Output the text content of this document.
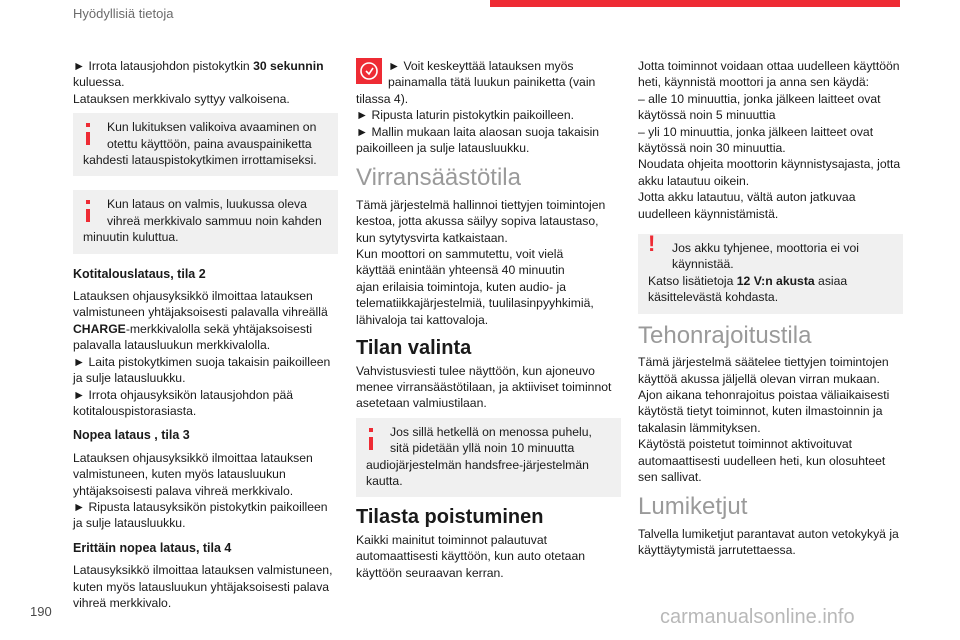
Hyödyllisiä tietoja

► Irrota latausjohdon pistokytkin 30 sekunnin
kuluessa.
Latauksen merkkivalo syttyy valkoisena.

Kun lukituksen valikoiva avaaminen on
otettu käyttöön, paina avauspainiketta
kahdesti latauspistokytkimen irrottamiseksi.
Kun lataus on valmis, luukussa oleva
vihreä merkkivalo sammuu noin kahden
minuutin kuluttua.
Kotitalouslataus, tila 2

Latauksen ohjausyksikkö ilmoittaa latauksen
valmistuneen yhtäjaksoisesti palavalla vihreällä
CHARGE-merkkivalolla sekä yhtäjaksoisesti
palavalla latausluukun merkkivalolla.
► Laita pistokytkimen suoja takaisin paikoilleen
ja sulje latausluukku.
► Irrota ohjausyksikön latausjohdon pää
kotitalouspistorasiasta.

Nopea lataus , tila 3

Latauksen ohjausyksikkö ilmoittaa latauksen
valmistuneen, kuten myös latausluukun
yhtäjaksoisesti palava vihreä merkkivalo.
► Ripusta latausyksikön pistokytkin paikoilleen
ja sulje latausluukku.

Erittäin nopea lataus, tila 4

Latausyksikkö ilmoittaa latauksen valmistuneen,
kuten myös latausluukun yhtäjaksoisesti palava
vihreä merkkivalo.

► Voit keskeyttää latauksen myös
painamalla tätä luukun painiketta (vain
tilassa 4).
► Ripusta laturin pistokytkin paikoilleen.
► Mallin mukaan laita alaosan suoja takaisin
paikoilleen ja sulje latausluukku.

Virransäästötila

Tämä järjestelmä hallinnoi tiettyjen toimintojen
kestoa, jotta akussa säilyy sopiva lataustaso,
kun sytytysvirta katkaistaan.
Kun moottori on sammutettu, voit vielä
käyttää enintään yhteensä 40 minuutin
ajan erilaisia toimintoja, kuten audio- ja
telematiikkajärjestelmiä, tuulilasinpyyhkimiä,
lähivaloja tai kattovaloja.

Tilan valinta

Vahvistusviesti tulee näyttöön, kun ajoneuvo
menee virransäästötilaan, ja aktiiviset toiminnot
asetetaan valmiustilaan.

Jos sillä hetkellä on menossa puhelu,
sitä pidetään yllä noin 10 minuutta
audiojärjestelmän handsfree-järjestelmän
kautta.
Tilasta poistuminen

Kaikki mainitut toiminnot palautuvat
automaattisesti käyttöön, kun auto otetaan
käyttöön seuraavan kerran.

Jotta toiminnot voidaan ottaa uudelleen käyttöön
heti, käynnistä moottori ja anna sen käydä:
– alle 10 minuuttia, jonka jälkeen laitteet ovat
käytössä noin 5 minuuttia
– yli 10 minuuttia, jonka jälkeen laitteet ovat
käytössä noin 30 minuuttia.
Noudata ohjeita moottorin käynnistysajasta, jotta
akku latautuu oikein.
Jotta akku latautuu, vältä auton jatkuvaa
uudelleen käynnistämistä.

!	Jos akku tyhjenee, moottoria ei voi
käynnistää.
Katso lisätietoja 12 V:n akusta asiaa
käsittelevästä kohdasta.
Tehonrajoitustila

Tämä järjestelmä säätelee tiettyjen toimintojen
käyttöä akussa jäljellä olevan virran mukaan.
Ajon aikana tehonrajoitus poistaa väliaikaisesti
käytöstä tietyt toiminnot, kuten ilmastoinnin ja
takalasin lämmityksen.
Käytöstä poistetut toiminnot aktivoituvat
automaattisesti uudelleen heti, kun olosuhteet
sen sallivat.

Lumiketjut

Talvella lumiketjut parantavat auton vetokykyä ja
käyttäytymistä jarrutettaessa.

190	carmanualsonline.info
